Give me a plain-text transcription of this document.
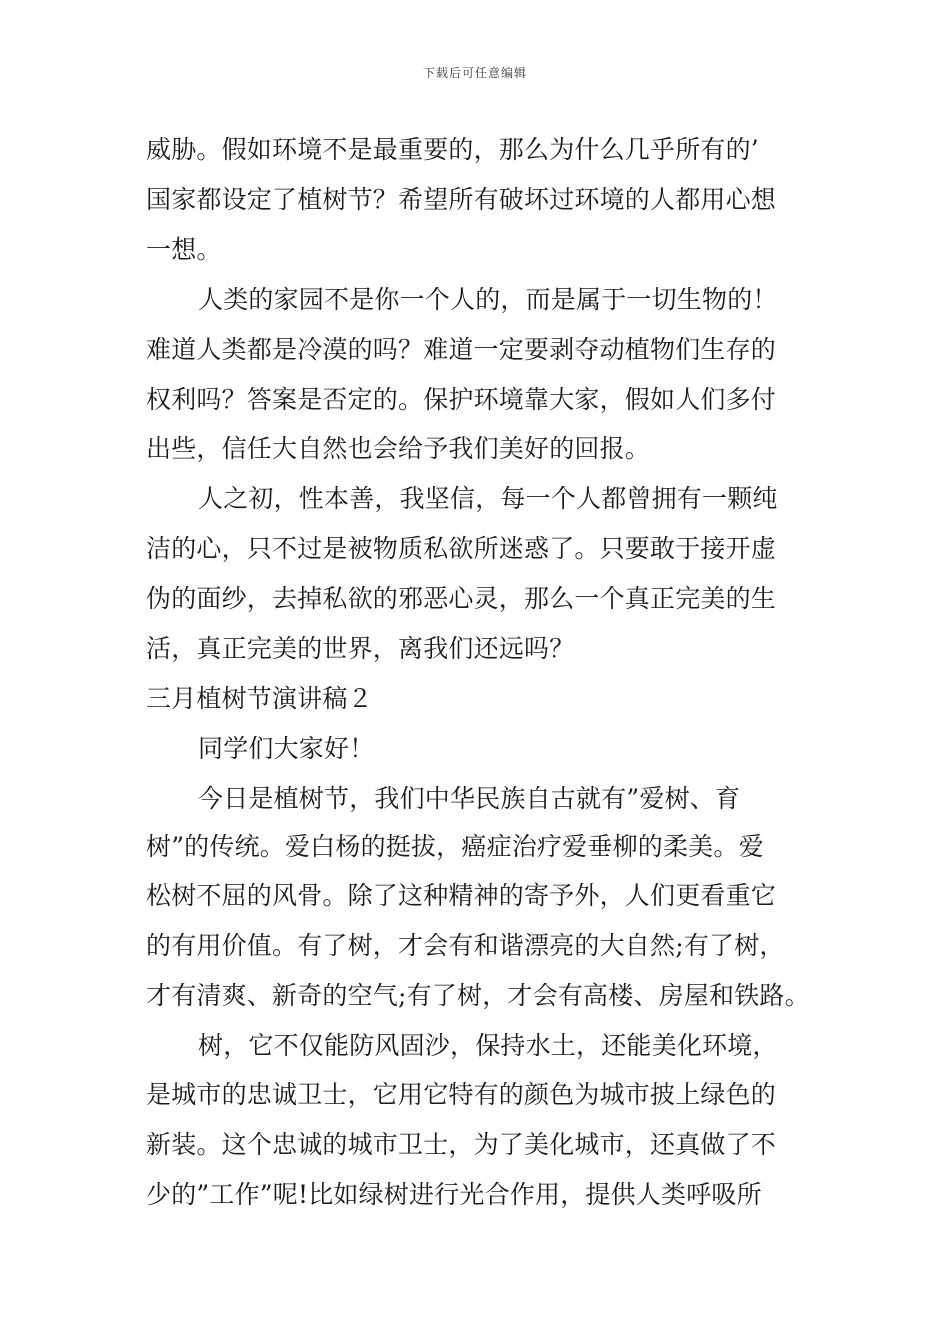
下载后可任意编辑
威胁。假如环境不是最重要的，那么为什么几乎所有的’
国家都设定了植树节？希望所有破坏过环境的人都用心想
一想。
人类的家园不是你一个人的，而是属于一切生物的！
难道人类都是冷漠的吗？难道一定要剥夺动植物们生存的
权利吗？答案是否定的。保护环境靠大家，假如人们多付
出些，信任大自然也会给予我们美好的回报。
人之初，性本善，我坚信，每一个人都曾拥有一颗纯
洁的心，只不过是被物质私欲所迷惑了。只要敢于接开虚
伪的面纱，去掉私欲的邪恶心灵，那么一个真正完美的生
活，真正完美的世界，离我们还远吗？
三月植树节演讲稿２
同学们大家好！
今日是植树节，我们中华民族自古就有”爱树、育
树”的传统。爱白杨的挺拔，癌症治疗爱垂柳的柔美。爱
松树不屈的风骨。除了这种精神的寄予外，人们更看重它
的有用价值。有了树，才会有和谐漂亮的大自然;有了树，
才有清爽、新奇的空气;有了树，才会有高楼、房屋和铁路。
树，它不仅能防风固沙，保持水土，还能美化环境，
是城市的忠诚卫士，它用它特有的颜色为城市披上绿色的
新装。这个忠诚的城市卫士，为了美化城市，还真做了不
少的”工作”呢!比如绿树进行光合作用，提供人类呼吸所
